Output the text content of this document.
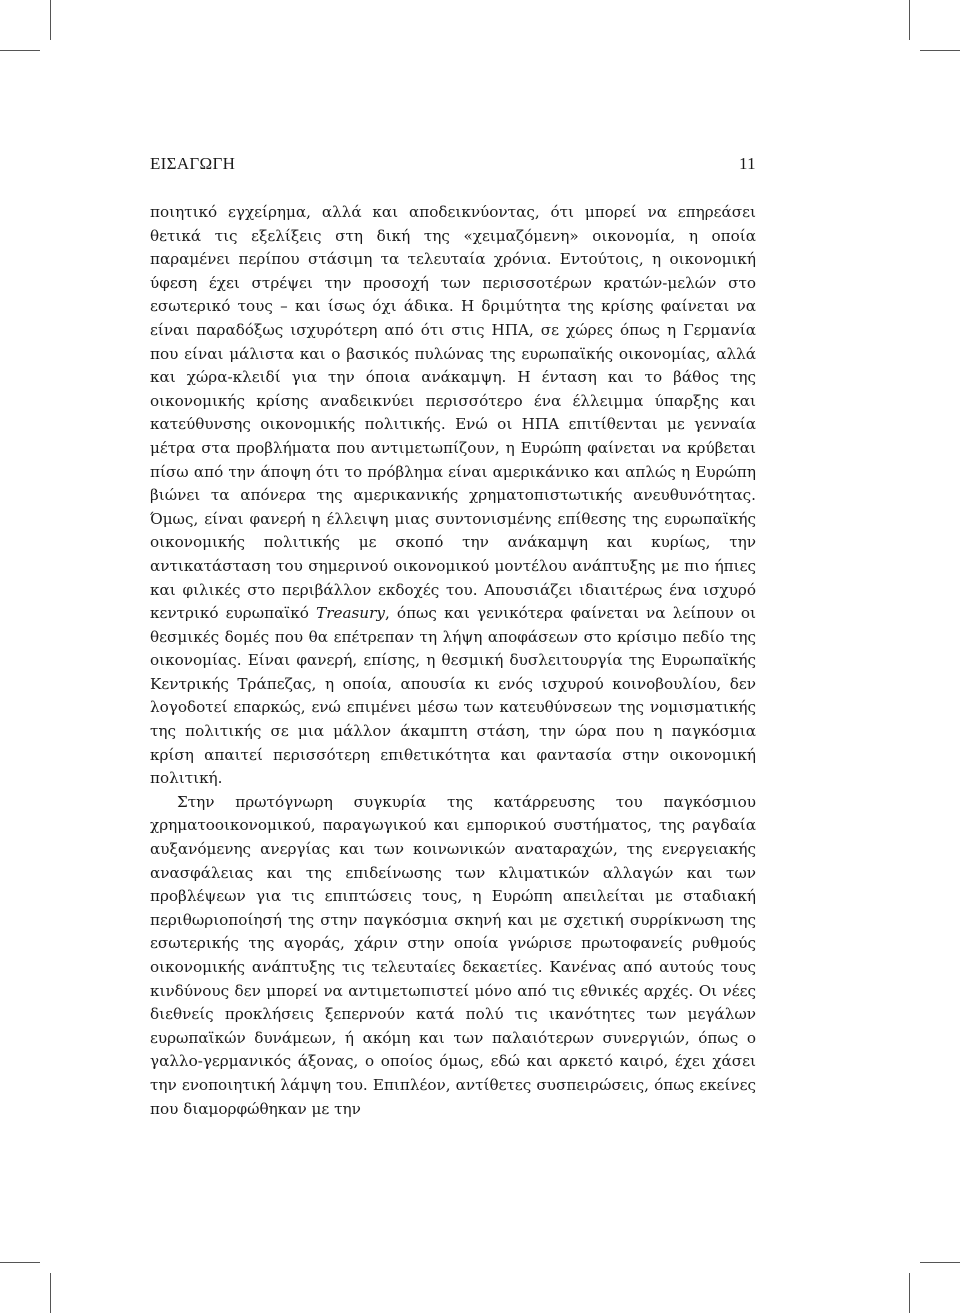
ΕΙΣΑΓΩΓΗ	11

ποιητικό εγχείρημα, αλλά και αποδεικνύοντας, ότι μπορεί να επηρεάσει θετικά τις εξελίξεις στη δική της «χειμαζόμενη» οικονομία, η οποία παραμένει περίπου στάσιμη τα τελευταία χρόνια. Εντούτοις, η οικονομική ύφεση έχει στρέψει την προσοχή των περισσοτέρων κρατών-μελών στο εσωτερικό τους – και ίσως όχι άδικα. Η δριμύτητα της κρίσης φαίνεται να είναι παραδόξως ισχυρότερη από ότι στις ΗΠΑ, σε χώρες όπως η Γερμανία που είναι μάλιστα και ο βασικός πυλώνας της ευρωπαϊκής οικονομίας, αλλά και χώρα-κλειδί για την όποια ανάκαμψη. Η ένταση και το βάθος της οικονομικής κρίσης αναδεικνύει περισσότερο ένα έλλειμμα ύπαρξης και κατεύθυνσης οικονομικής πολιτικής. Ενώ οι ΗΠΑ επιτίθενται με γενναία μέτρα στα προβλήματα που αντιμετωπίζουν, η Ευρώπη φαίνεται να κρύβεται πίσω από την άποψη ότι το πρόβλημα είναι αμερικάνικο και απλώς η Ευρώπη βιώνει τα απόνερα της αμερικανικής χρηματοπιστωτικής ανευθυνότητας. Όμως, είναι φανερή η έλλειψη μιας συντονισμένης επίθεσης της ευρωπαϊκής οικονομικής πολιτικής με σκοπό την ανάκαμψη και κυρίως, την αντικατάσταση του σημερινού οικονομικού μοντέλου ανάπτυξης με πιο ήπιες και φιλικές στο περιβάλλον εκδοχές του. Απουσιάζει ιδιαιτέρως ένα ισχυρό κεντρικό ευρωπαϊκό Treasury, όπως και γενικότερα φαίνεται να λείπουν οι θεσμικές δομές που θα επέτρεπαν τη λήψη αποφάσεων στο κρίσιμο πεδίο της οικονομίας. Είναι φανερή, επίσης, η θεσμική δυσλειτουργία της Ευρωπαϊκής Κεντρικής Τράπεζας, η οποία, απουσία κι ενός ισχυρού κοινοβουλίου, δεν λογοδοτεί επαρκώς, ενώ επιμένει μέσω των κατευθύνσεων της νομισματικής της πολιτικής σε μια μάλλον άκαμπτη στάση, την ώρα που η παγκόσμια κρίση απαιτεί περισσότερη επιθετικότητα και φαντασία στην οικονομική πολιτική.

Στην πρωτόγνωρη συγκυρία της κατάρρευσης του παγκόσμιου χρηματοοικονομικού, παραγωγικού και εμπορικού συστήματος, της ραγδαία αυξανόμενης ανεργίας και των κοινωνικών αναταραχών, της ενεργειακής ανασφάλειας και της επιδείνωσης των κλιματικών αλλαγών και των προβλέψεων για τις επιπτώσεις τους, η Ευρώπη απειλείται με σταδιακή περιθωριοποίησή της στην παγκόσμια σκηνή και με σχετική συρρίκνωση της εσωτερικής της αγοράς, χάριν στην οποία γνώρισε πρωτοφανείς ρυθμούς οικονομικής ανάπτυξης τις τελευταίες δεκαετίες. Κανένας από αυτούς τους κινδύνους δεν μπορεί να αντιμετωπιστεί μόνο από τις εθνικές αρχές. Οι νέες διεθνείς προκλήσεις ξεπερνούν κατά πολύ τις ικανότητες των μεγάλων ευρωπαϊκών δυνάμεων, ή ακόμη και των παλαιότερων συνεργιών, όπως ο γαλλο-γερμανικός άξονας, ο οποίος όμως, εδώ και αρκετό καιρό, έχει χάσει την ενοποιητική λάμψη του. Επιπλέον, αντίθετες συσπειρώσεις, όπως εκείνες που διαμορφώθηκαν με την
